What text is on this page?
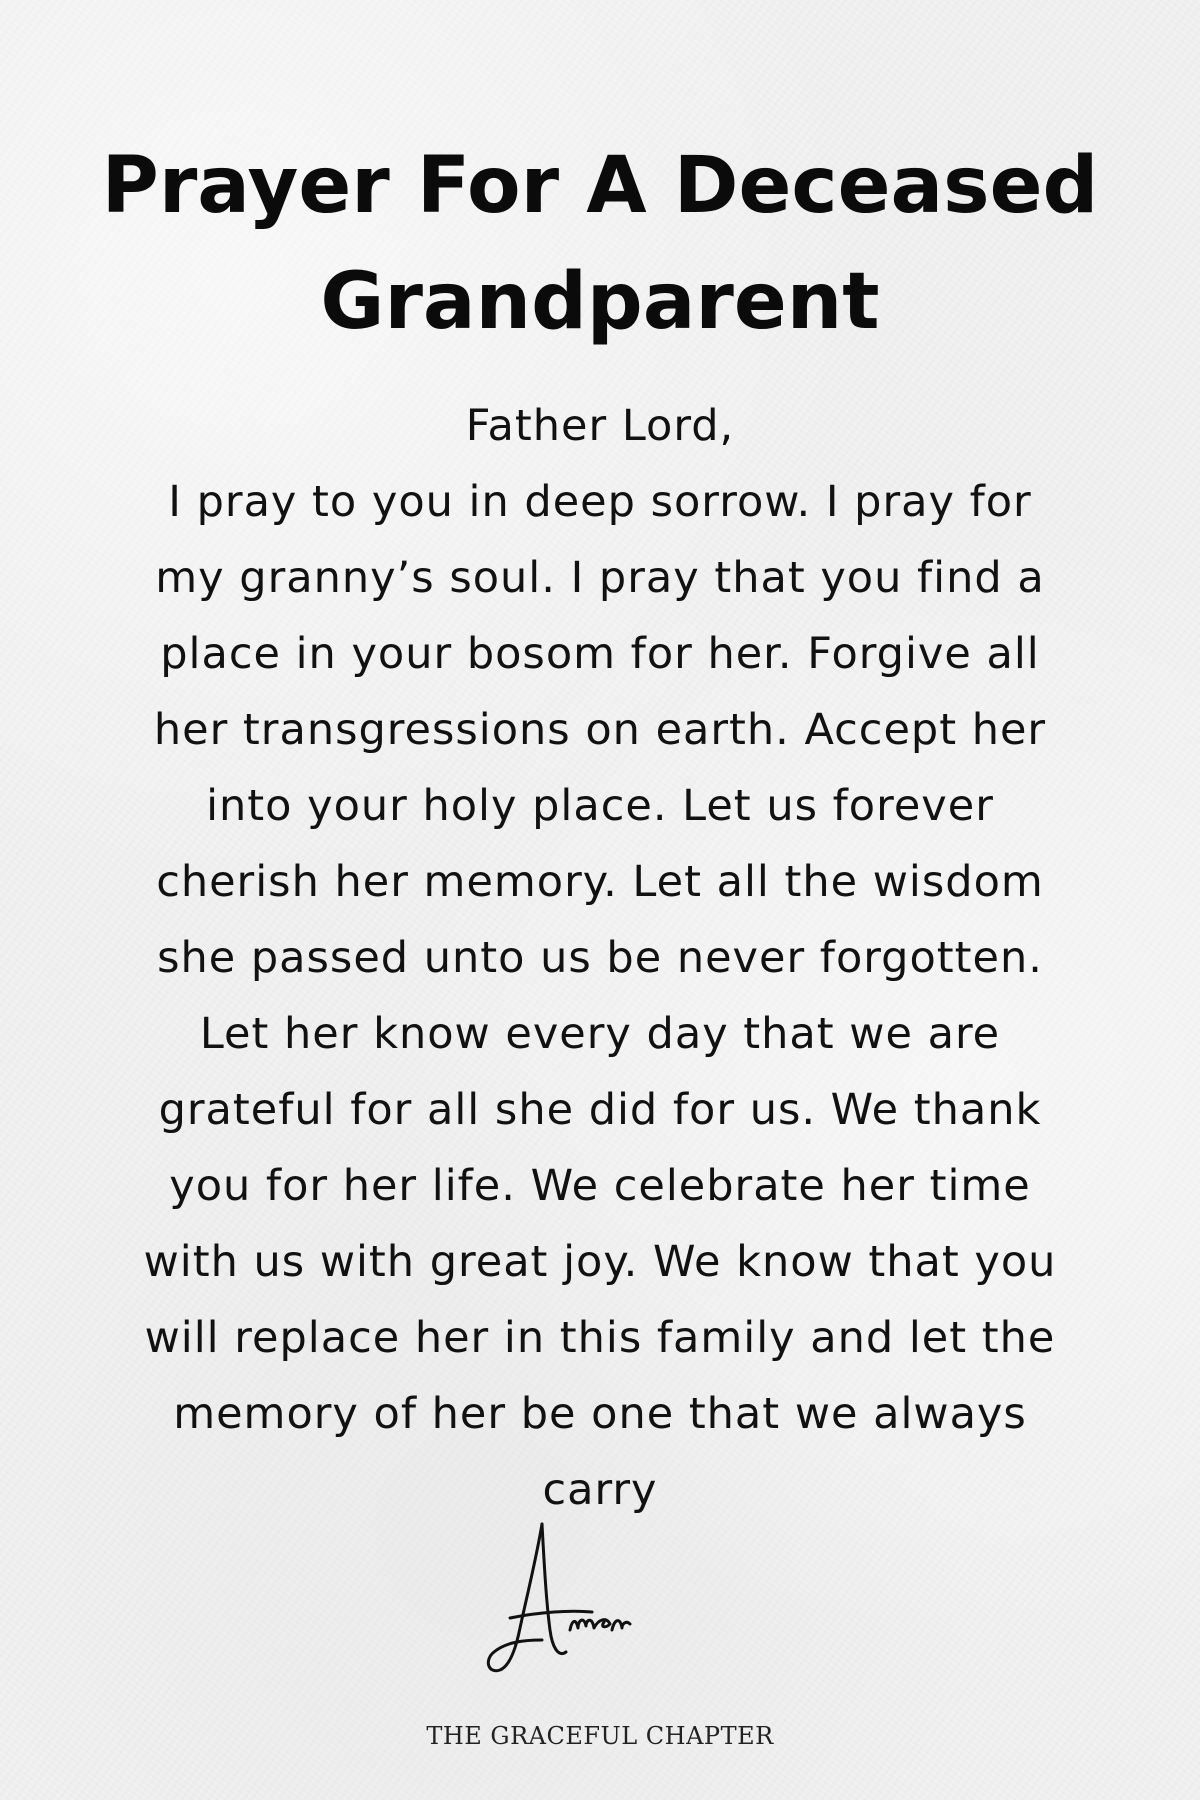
Prayer For A Deceased
Grandparent
Father Lord,
I pray to you in deep sorrow. I pray for
my granny’s soul. I pray that you find a
place in your bosom for her. Forgive all
her transgressions on earth. Accept her
into your holy place. Let us forever
cherish her memory. Let all the wisdom
she passed unto us be never forgotten.
Let her know every day that we are
grateful for all she did for us. We thank
you for her life. We celebrate her time
with us with great joy. We know that you
will replace her in this family and let the
memory of her be one that we always
carry
THE GRACEFUL CHAPTER
